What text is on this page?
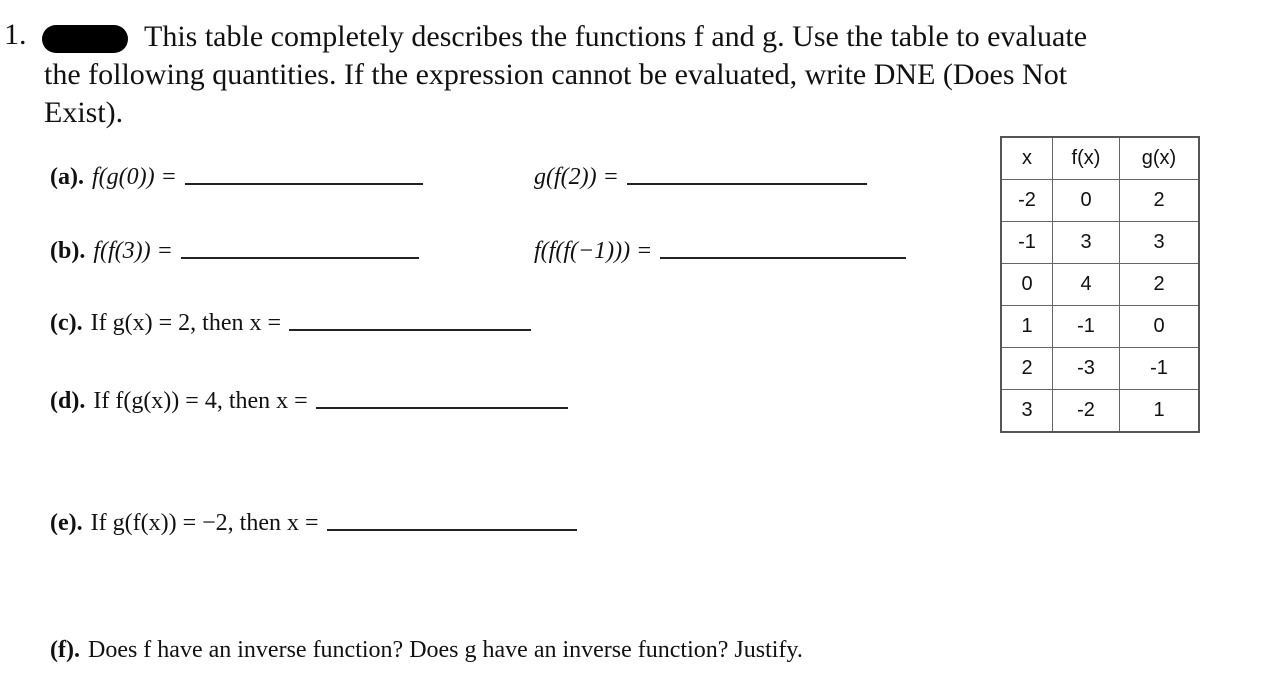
1.	This table completely describes the functions f and g. Use the table to evaluate
the following quantities. If the expression cannot be evaluated, write DNE (Does Not
Exist).
(a). f(g(0)) =	g(f(2)) =
(b). f(f(3)) =	f(f(f(−1))) =
(c). If g(x) = 2, then x =
(d). If f(g(x)) = 4, then x =
(e). If g(f(x)) = −2, then x =
(f). Does f have an inverse function? Does g have an inverse function? Justify.
x	f(x)	g(x)
-2	0	2
-1	3	3
0	4	2
1	-1	0
2	-3	-1
3	-2	1
